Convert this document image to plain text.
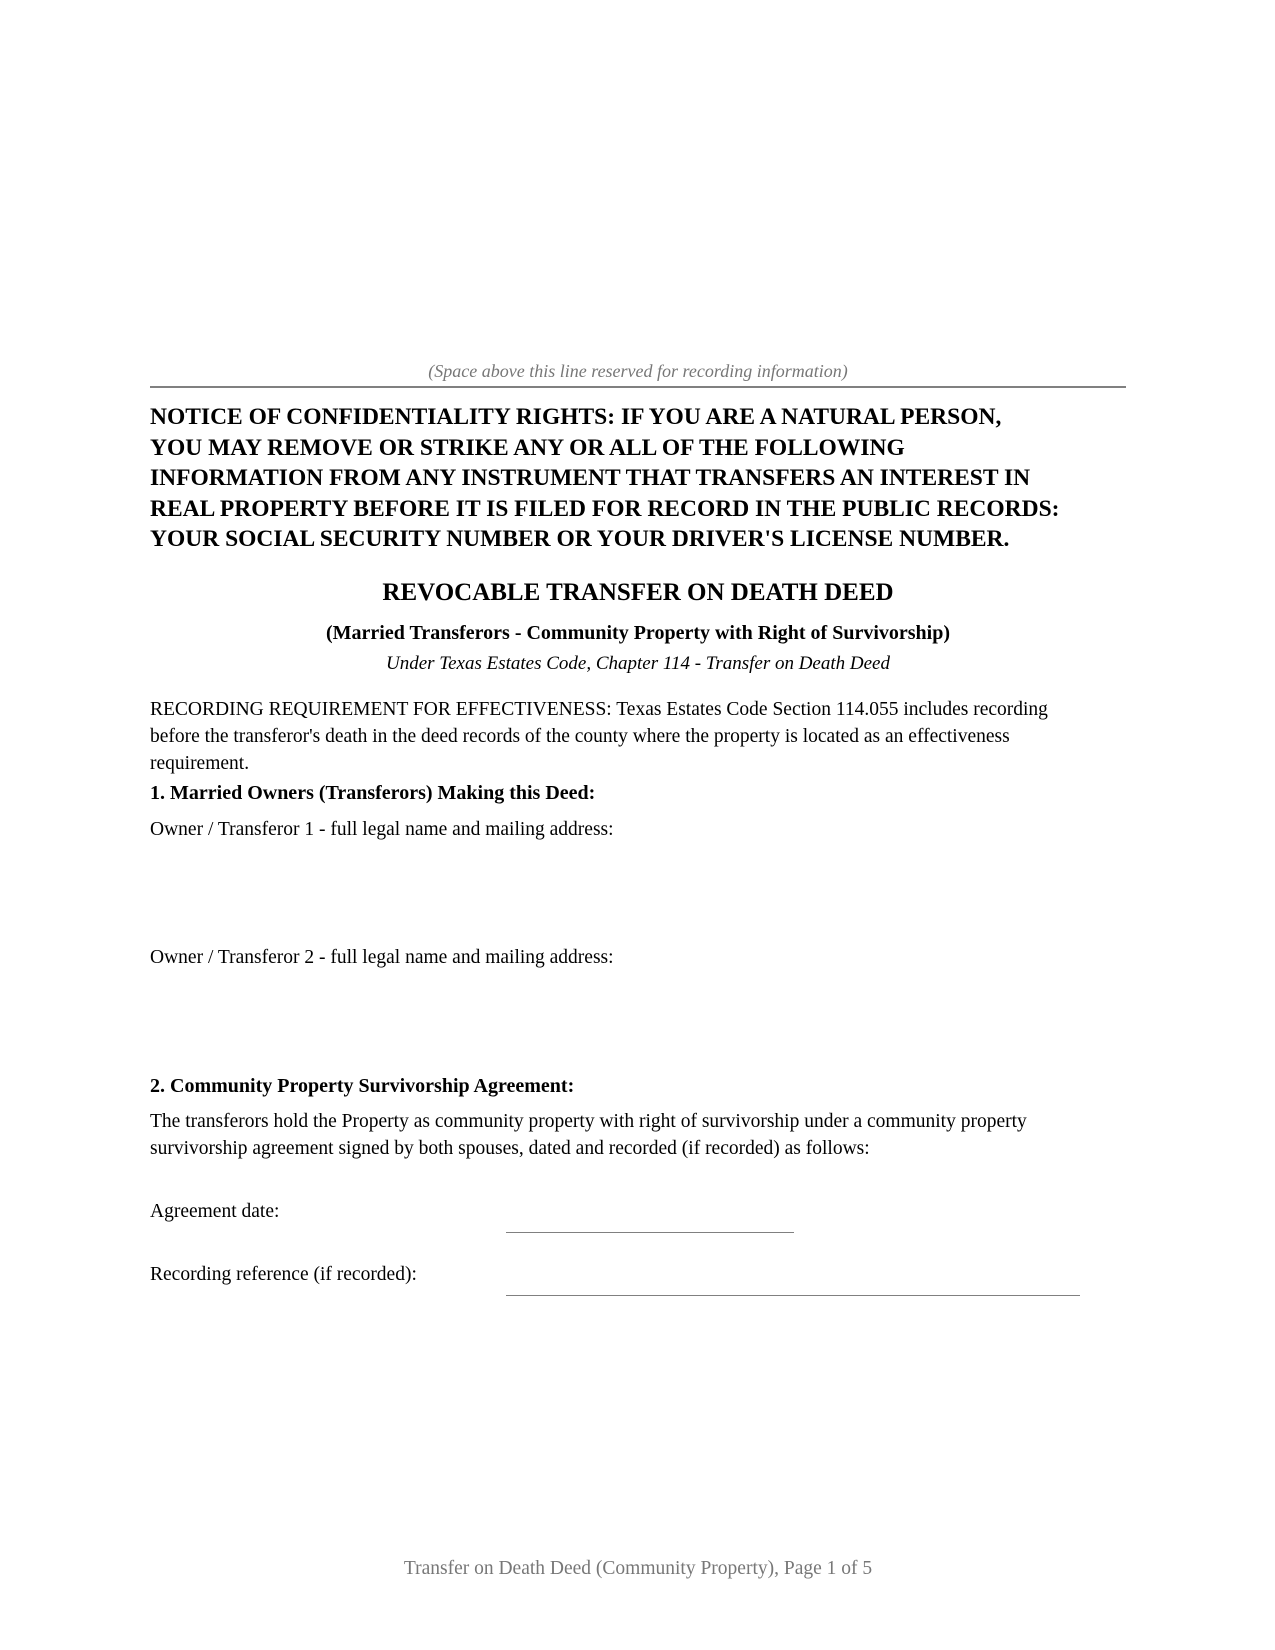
(Space above this line reserved for recording information)
NOTICE OF CONFIDENTIALITY RIGHTS: IF YOU ARE A NATURAL PERSON,
YOU MAY REMOVE OR STRIKE ANY OR ALL OF THE FOLLOWING
INFORMATION FROM ANY INSTRUMENT THAT TRANSFERS AN INTEREST IN
REAL PROPERTY BEFORE IT IS FILED FOR RECORD IN THE PUBLIC RECORDS:
YOUR SOCIAL SECURITY NUMBER OR YOUR DRIVER'S LICENSE NUMBER.
REVOCABLE TRANSFER ON DEATH DEED
(Married Transferors - Community Property with Right of Survivorship)
Under Texas Estates Code, Chapter 114 - Transfer on Death Deed
RECORDING REQUIREMENT FOR EFFECTIVENESS: Texas Estates Code Section 114.055 includes recording
before the transferor's death in the deed records of the county where the property is located as an effectiveness
requirement.
1. Married Owners (Transferors) Making this Deed:
Owner / Transferor 1 - full legal name and mailing address:
Owner / Transferor 2 - full legal name and mailing address:
2. Community Property Survivorship Agreement:
The transferors hold the Property as community property with right of survivorship under a community property
survivorship agreement signed by both spouses, dated and recorded (if recorded) as follows:
Agreement date:
Recording reference (if recorded):
Transfer on Death Deed (Community Property), Page 1 of 5
